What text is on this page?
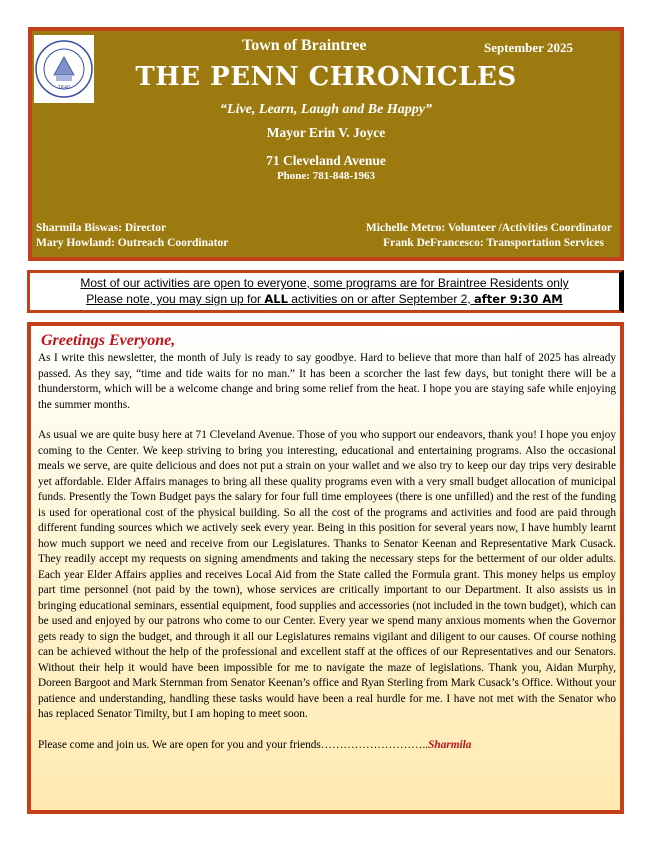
1640
Town of Braintree	September 2025
THE PENN CHRONICLES
“Live, Learn, Laugh and Be Happy”
Mayor Erin V. Joyce
71 Cleveland Avenue
Phone: 781-848-1963
Sharmila Biswas: Director
Mary Howland: Outreach Coordinator
Michelle Metro: Volunteer /Activities Coordinator
Frank DeFrancesco: Transportation Services
Most of our activities are open to everyone, some programs are for Braintree Residents only
Please note, you may sign up for ALL activities on or after September 2, after 9:30 AM
Greetings Everyone,

As I write this newsletter, the month of July is ready to say goodbye. Hard to believe that more than half of 2025 has already passed. As they say, “time and tide waits for no man.” It has been a scorcher the last few days, but tonight there will be a thunderstorm, which will be a welcome change and bring some relief from the heat. I hope you are staying safe while enjoying the summer months.

As usual we are quite busy here at 71 Cleveland Avenue. Those of you who support our endeavors, thank you! I hope you enjoy coming to the Center. We keep striving to bring you interesting, educational and entertaining programs. Also the occasional meals we serve, are quite delicious and does not put a strain on your wallet and we also try to keep our day trips very desirable yet affordable. Elder Affairs manages to bring all these quality programs even with a very small budget allocation of municipal funds. Presently the Town Budget pays the salary for four full time employees (there is one unfilled) and the rest of the funding is used for operational cost of the physical building. So all the cost of the programs and activities and food are paid through different funding sources which we actively seek every year. Being in this position for several years now, I have humbly learnt how much support we need and receive from our Legislatures. Thanks to Senator Keenan and Representative Mark Cusack. They readily accept my requests on signing amendments and taking the necessary steps for the betterment of our older adults. Each year Elder Affairs applies and receives Local Aid from the State called the Formula grant. This money helps us employ part time personnel (not paid by the town), whose services are critically important to our Department. It also assists us in bringing educational seminars, essential equipment, food supplies and accessories (not included in the town budget), which can be used and enjoyed by our patrons who come to our Center. Every year we spend many anxious moments when the Governor gets ready to sign the budget, and through it all our Legislatures remains vigilant and diligent to our causes. Of course nothing can be achieved without the help of the professional and excellent staff at the offices of our Representatives and our Senators. Without their help it would have been impossible for me to navigate the maze of legislations. Thank you, Aidan Murphy, Doreen Bargoot and Mark Sternman from Senator Keenan’s office and Ryan Sterling from Mark Cusack’s Office. Without your patience and understanding, handling these tasks would have been a real hurdle for me. I have not met with the Senator who has replaced Senator Timilty, but I am hoping to meet soon.

Please come and join us. We are open for you and your friends………………………..Sharmila
